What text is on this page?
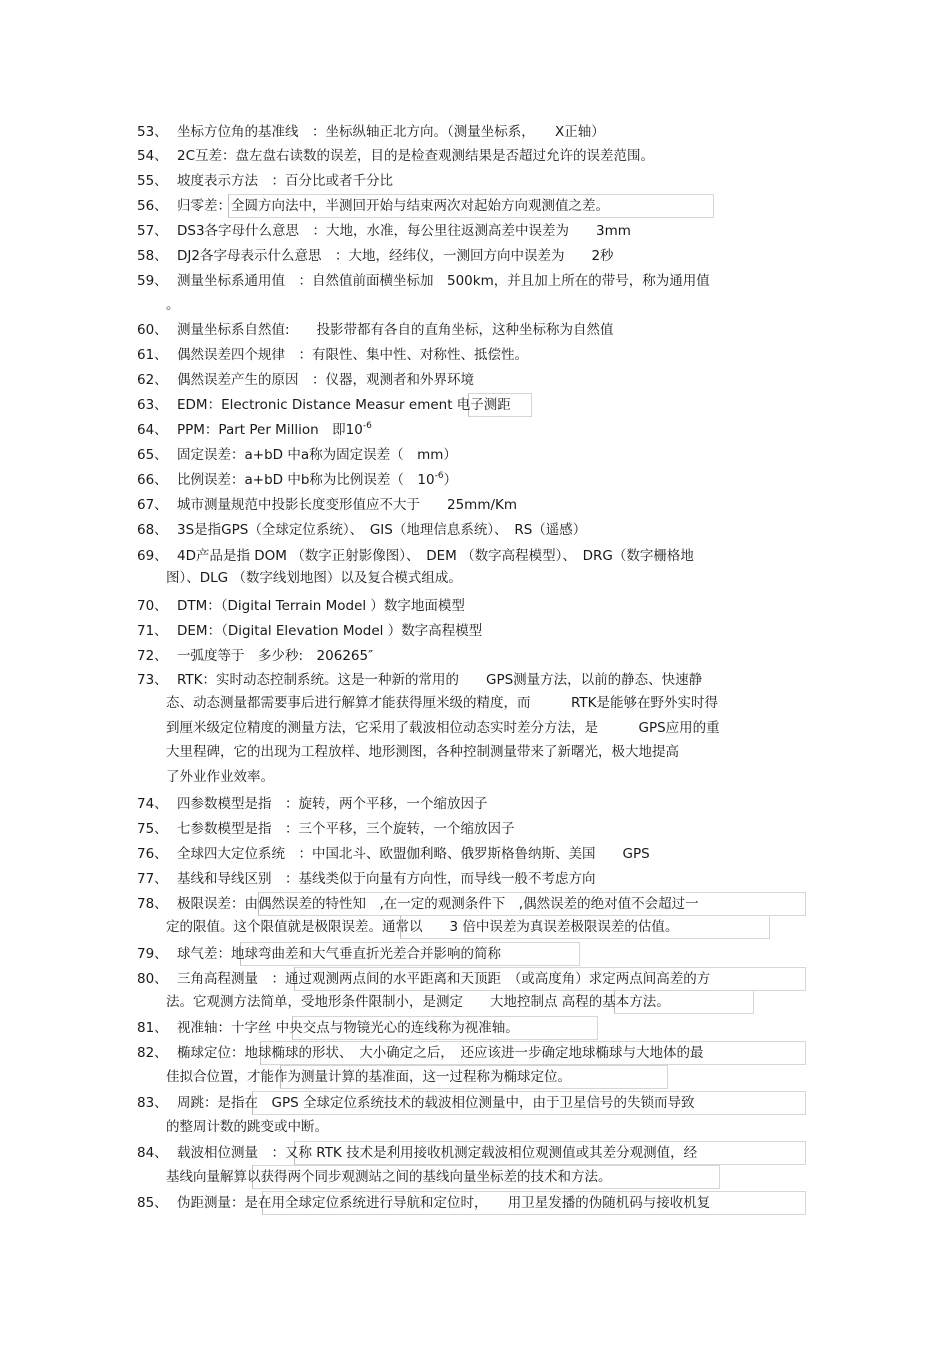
53、 坐标方位角的基准线　：坐标纵轴正北方向。（测量坐标系，　　X正轴）
54、 2C互差：盘左盘右读数的误差，目的是检查观测结果是否超过允许的误差范围。
55、 坡度表示方法　：百分比或者千分比
56、 归零差：全圆方向法中，半测回开始与结束两次对起始方向观测值之差。
57、 DS3各字母什么意思　：大地，水准，每公里往返测高差中误差为　　3mm
58、 DJ2各字母表示什么意思　：大地，经纬仪，一测回方向中误差为　　2秒
59、 测量坐标系通用值　：自然值前面横坐标加　500km，并且加上所在的带号，称为通用值
。
60、 测量坐标系自然值:　　投影带都有各自的直角坐标，这种坐标称为自然值
61、 偶然误差四个规律　：有限性、集中性、对称性、抵偿性。
62、 偶然误差产生的原因　：仪器，观测者和外界环境
63、 EDM：Electronic Distance Measur ement 电子测距
64、 PPM：Part Per Million　即$10^{-6}$
65、 固定误差：a+bD 中a称为固定误差（　mm）
66、 比例误差：a+bD 中b称为比例误差（　$10^{-6}$）
67、 城市测量规范中投影长度变形值应不大于　　25mm/Km
68、 3S是指GPS（全球定位系统）、　GIS（地理信息系统）、　RS（遥感）
69、 4D产品是指 DOM （数字正射影像图）、　DEM （数字高程模型）、　DRG（数字栅格地
图）、DLG （数字线划地图）以及复合模式组成。
70、 DTM：（Digital Terrain Model ）数字地面模型
71、 DEM：（Digital Elevation Model ）数字高程模型
72、 一弧度等于　多少秒:　206265″
73、 RTK：实时动态控制系统。这是一种新的常用的　　GPS测量方法，以前的静态、快速静
态、动态测量都需要事后进行解算才能获得厘米级的精度，而　　　RTK是能够在野外实时得
到厘米级定位精度的测量方法，它采用了载波相位动态实时差分方法，是　　　GPS应用的重
大里程碑，它的出现为工程放样、地形测图，各种控制测量带来了新曙光，极大地提高
了外业作业效率。
74、 四参数模型是指　：旋转，两个平移，一个缩放因子
75、 七参数模型是指　：三个平移，三个旋转，一个缩放因子
76、 全球四大定位系统　：中国北斗、欧盟伽利略、俄罗斯格鲁纳斯、美国　　GPS
77、 基线和导线区别　：基线类似于向量有方向性，而导线一般不考虑方向
78、 极限误差：由偶然误差的特性知　,在一定的观测条件下　,偶然误差的绝对值不会超过一
定的限值。这个限值就是极限误差。通常以　　3 倍中误差为真误差极限误差的估值。
79、 球气差：地球弯曲差和大气垂直折光差合并影响的简称
80、 三角高程测量　：通过观测两点间的水平距离和天顶距　（或高度角）求定两点间高差的方
法。它观测方法简单，受地形条件限制小，是测定　　大地控制点 高程的基本方法。
81、 视准轴：十字丝 中央交点与物镜光心的连线称为视准轴。
82、 椭球定位：地球椭球的形状、　大小确定之后，　还应该进一步确定地球椭球与大地体的最
佳拟合位置，才能作为测量计算的基准面，这一过程称为椭球定位。
83、 周跳：是指在　GPS 全球定位系统技术的载波相位测量中，由于卫星信号的失锁而导致
的整周计数的跳变或中断。
84、 载波相位测量　：又称 RTK 技术是利用接收机测定载波相位观测值或其差分观测值，经
基线向量解算以获得两个同步观测站之间的基线向量坐标差的技术和方法。
85、 伪距测量：是在用全球定位系统进行导航和定位时，　　用卫星发播的伪随机码与接收机复
